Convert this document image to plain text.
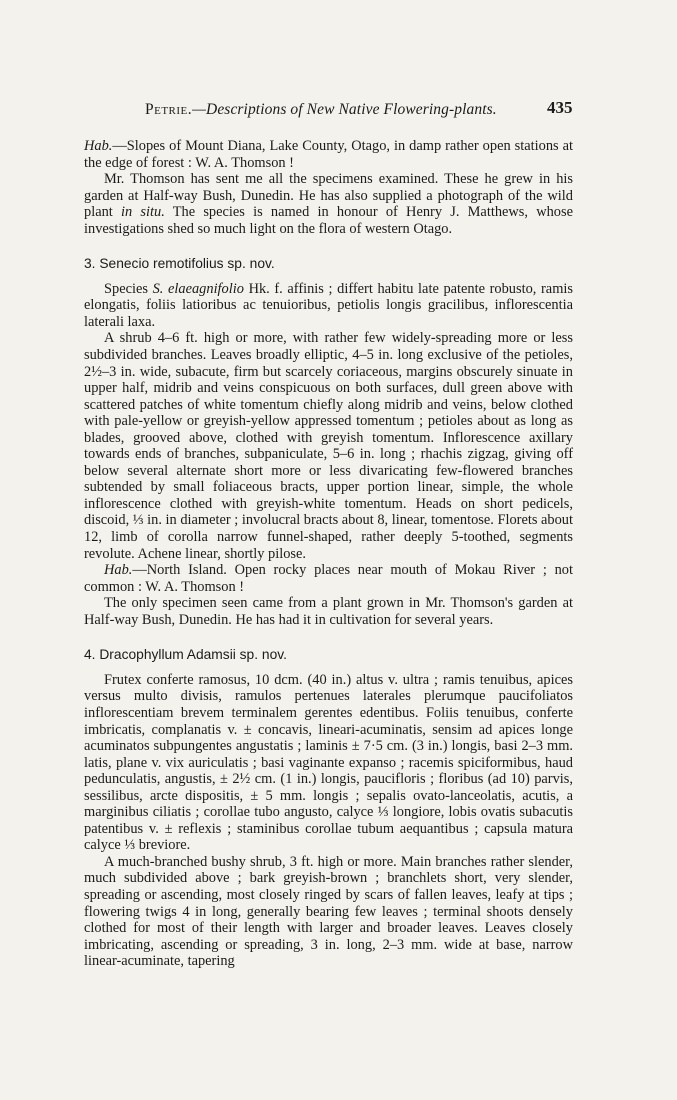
Petrie.—Descriptions of New Native Flowering-plants.	435

Hab.—Slopes of Mount Diana, Lake County, Otago, in damp rather open stations at the edge of forest : W. A. Thomson !

Mr. Thomson has sent me all the specimens examined. These he grew in his garden at Half-way Bush, Dunedin. He has also supplied a photograph of the wild plant in situ. The species is named in honour of Henry J. Matthews, whose investigations shed so much light on the flora of western Otago.

3. Senecio remotifolius sp. nov.

Species S. elaeagnifolio Hk. f. affinis ; differt habitu late patente robusto, ramis elongatis, foliis latioribus ac tenuioribus, petiolis longis gracilibus, inflorescentia laterali laxa.

A shrub 4–6 ft. high or more, with rather few widely-spreading more or less subdivided branches. Leaves broadly elliptic, 4–5 in. long exclusive of the petioles, 2½–3 in. wide, subacute, firm but scarcely coriaceous, margins obscurely sinuate in upper half, midrib and veins conspicuous on both surfaces, dull green above with scattered patches of white tomentum chiefly along midrib and veins, below clothed with pale-yellow or greyish-yellow appressed tomentum ; petioles about as long as blades, grooved above, clothed with greyish tomentum. Inflorescence axillary towards ends of branches, subpaniculate, 5–6 in. long ; rhachis zigzag, giving off below several alternate short more or less divaricating few-flowered branches subtended by small foliaceous bracts, upper portion linear, simple, the whole inflorescence clothed with greyish-white tomentum. Heads on short pedicels, discoid, ⅓ in. in diameter ; involucral bracts about 8, linear, tomentose. Florets about 12, limb of corolla narrow funnel-shaped, rather deeply 5-toothed, segments revolute. Achene linear, shortly pilose.

Hab.—North Island. Open rocky places near mouth of Mokau River ; not common : W. A. Thomson !

The only specimen seen came from a plant grown in Mr. Thomson's garden at Half-way Bush, Dunedin. He has had it in cultivation for several years.

4. Dracophyllum Adamsii sp. nov.

Frutex conferte ramosus, 10 dcm. (40 in.) altus v. ultra ; ramis tenuibus, apices versus multo divisis, ramulos pertenues laterales plerumque paucifoliatos inflorescentiam brevem terminalem gerentes edentibus. Foliis tenuibus, conferte imbricatis, complanatis v. ± concavis, lineari-acuminatis, sensim ad apices longe acuminatos subpungentes angustatis ; laminis ± 7·5 cm. (3 in.) longis, basi 2–3 mm. latis, plane v. vix auriculatis ; basi vaginante expanso ; racemis spiciformibus, haud pedunculatis, angustis, ± 2½ cm. (1 in.) longis, paucifloris ; floribus (ad 10) parvis, sessilibus, arcte dispositis, ± 5 mm. longis ; sepalis ovato-lanceolatis, acutis, a marginibus ciliatis ; corollae tubo angusto, calyce ⅓ longiore, lobis ovatis subacutis patentibus v. ± reflexis ; staminibus corollae tubum aequantibus ; capsula matura calyce ⅓ breviore.

A much-branched bushy shrub, 3 ft. high or more. Main branches rather slender, much subdivided above ; bark greyish-brown ; branchlets short, very slender, spreading or ascending, most closely ringed by scars of fallen leaves, leafy at tips ; flowering twigs 4 in long, generally bearing few leaves ; terminal shoots densely clothed for most of their length with larger and broader leaves. Leaves closely imbricating, ascending or spreading, 3 in. long, 2–3 mm. wide at base, narrow linear-acuminate, tapering
